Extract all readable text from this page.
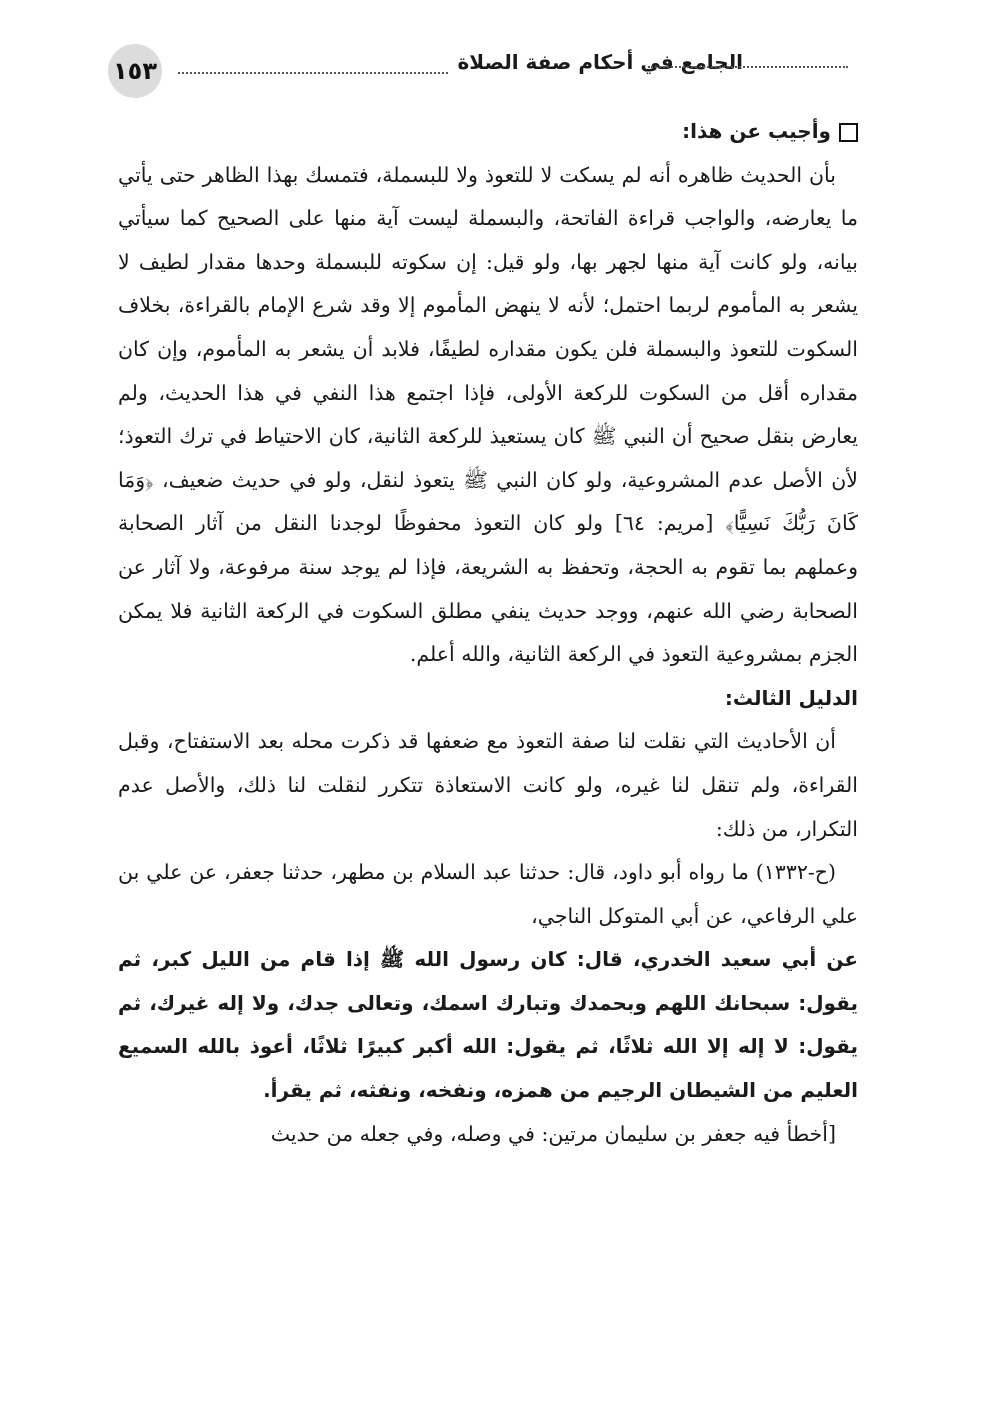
١٥٣	الجامع في أحكام صفة الصلاة

وأجيب عن هذا:

بأن الحديث ظاهره أنه لم يسكت لا للتعوذ ولا للبسملة، فتمسك بهذا الظاهر حتى يأتي ما يعارضه، والواجب قراءة الفاتحة، والبسملة ليست آية منها على الصحيح كما سيأتي بيانه، ولو كانت آية منها لجهر بها، ولو قيل: إن سكوته للبسملة وحدها مقدار لطيف لا يشعر به المأموم لربما احتمل؛ لأنه لا ينهض المأموم إلا وقد شرع الإمام بالقراءة، بخلاف السكوت للتعوذ والبسملة فلن يكون مقداره لطيفًا، فلابد أن يشعر به المأموم، وإن كان مقداره أقل من السكوت للركعة الأولى، فإذا اجتمع هذا النفي في هذا الحديث، ولم يعارض بنقل صحيح أن النبي ﷺ كان يستعيذ للركعة الثانية، كان الاحتياط في ترك التعوذ؛ لأن الأصل عدم المشروعية، ولو كان النبي ﷺ يتعوذ لنقل، ولو في حديث ضعيف، ﴿وَمَا كَانَ رَبُّكَ نَسِيًّا﴾ [مريم: ٦٤] ولو كان التعوذ محفوظًا لوجدنا النقل من آثار الصحابة وعملهم بما تقوم به الحجة، وتحفظ به الشريعة، فإذا لم يوجد سنة مرفوعة، ولا آثار عن الصحابة رضي الله عنهم، ووجد حديث ينفي مطلق السكوت في الركعة الثانية فلا يمكن الجزم بمشروعية التعوذ في الركعة الثانية، والله أعلم.

الدليل الثالث:

أن الأحاديث التي نقلت لنا صفة التعوذ مع ضعفها قد ذكرت محله بعد الاستفتاح، وقبل القراءة، ولم تنقل لنا غيره، ولو كانت الاستعاذة تتكرر لنقلت لنا ذلك، والأصل عدم التكرار، من ذلك:

(ح-١٣٣٢) ما رواه أبو داود، قال: حدثنا عبد السلام بن مطهر، حدثنا جعفر، عن علي بن علي الرفاعي، عن أبي المتوكل الناجي،

عن أبي سعيد الخدري، قال: كان رسول الله ﷺ إذا قام من الليل كبر، ثم يقول: سبحانك اللهم وبحمدك وتبارك اسمك، وتعالى جدك، ولا إله غيرك، ثم يقول: لا إله إلا الله ثلاثًا، ثم يقول: الله أكبر كبيرًا ثلاثًا، أعوذ بالله السميع العليم من الشيطان الرجيم من همزه، ونفخه، ونفثه، ثم يقرأ.

[أخطأ فيه جعفر بن سليمان مرتين: في وصله، وفي جعله من حديث
